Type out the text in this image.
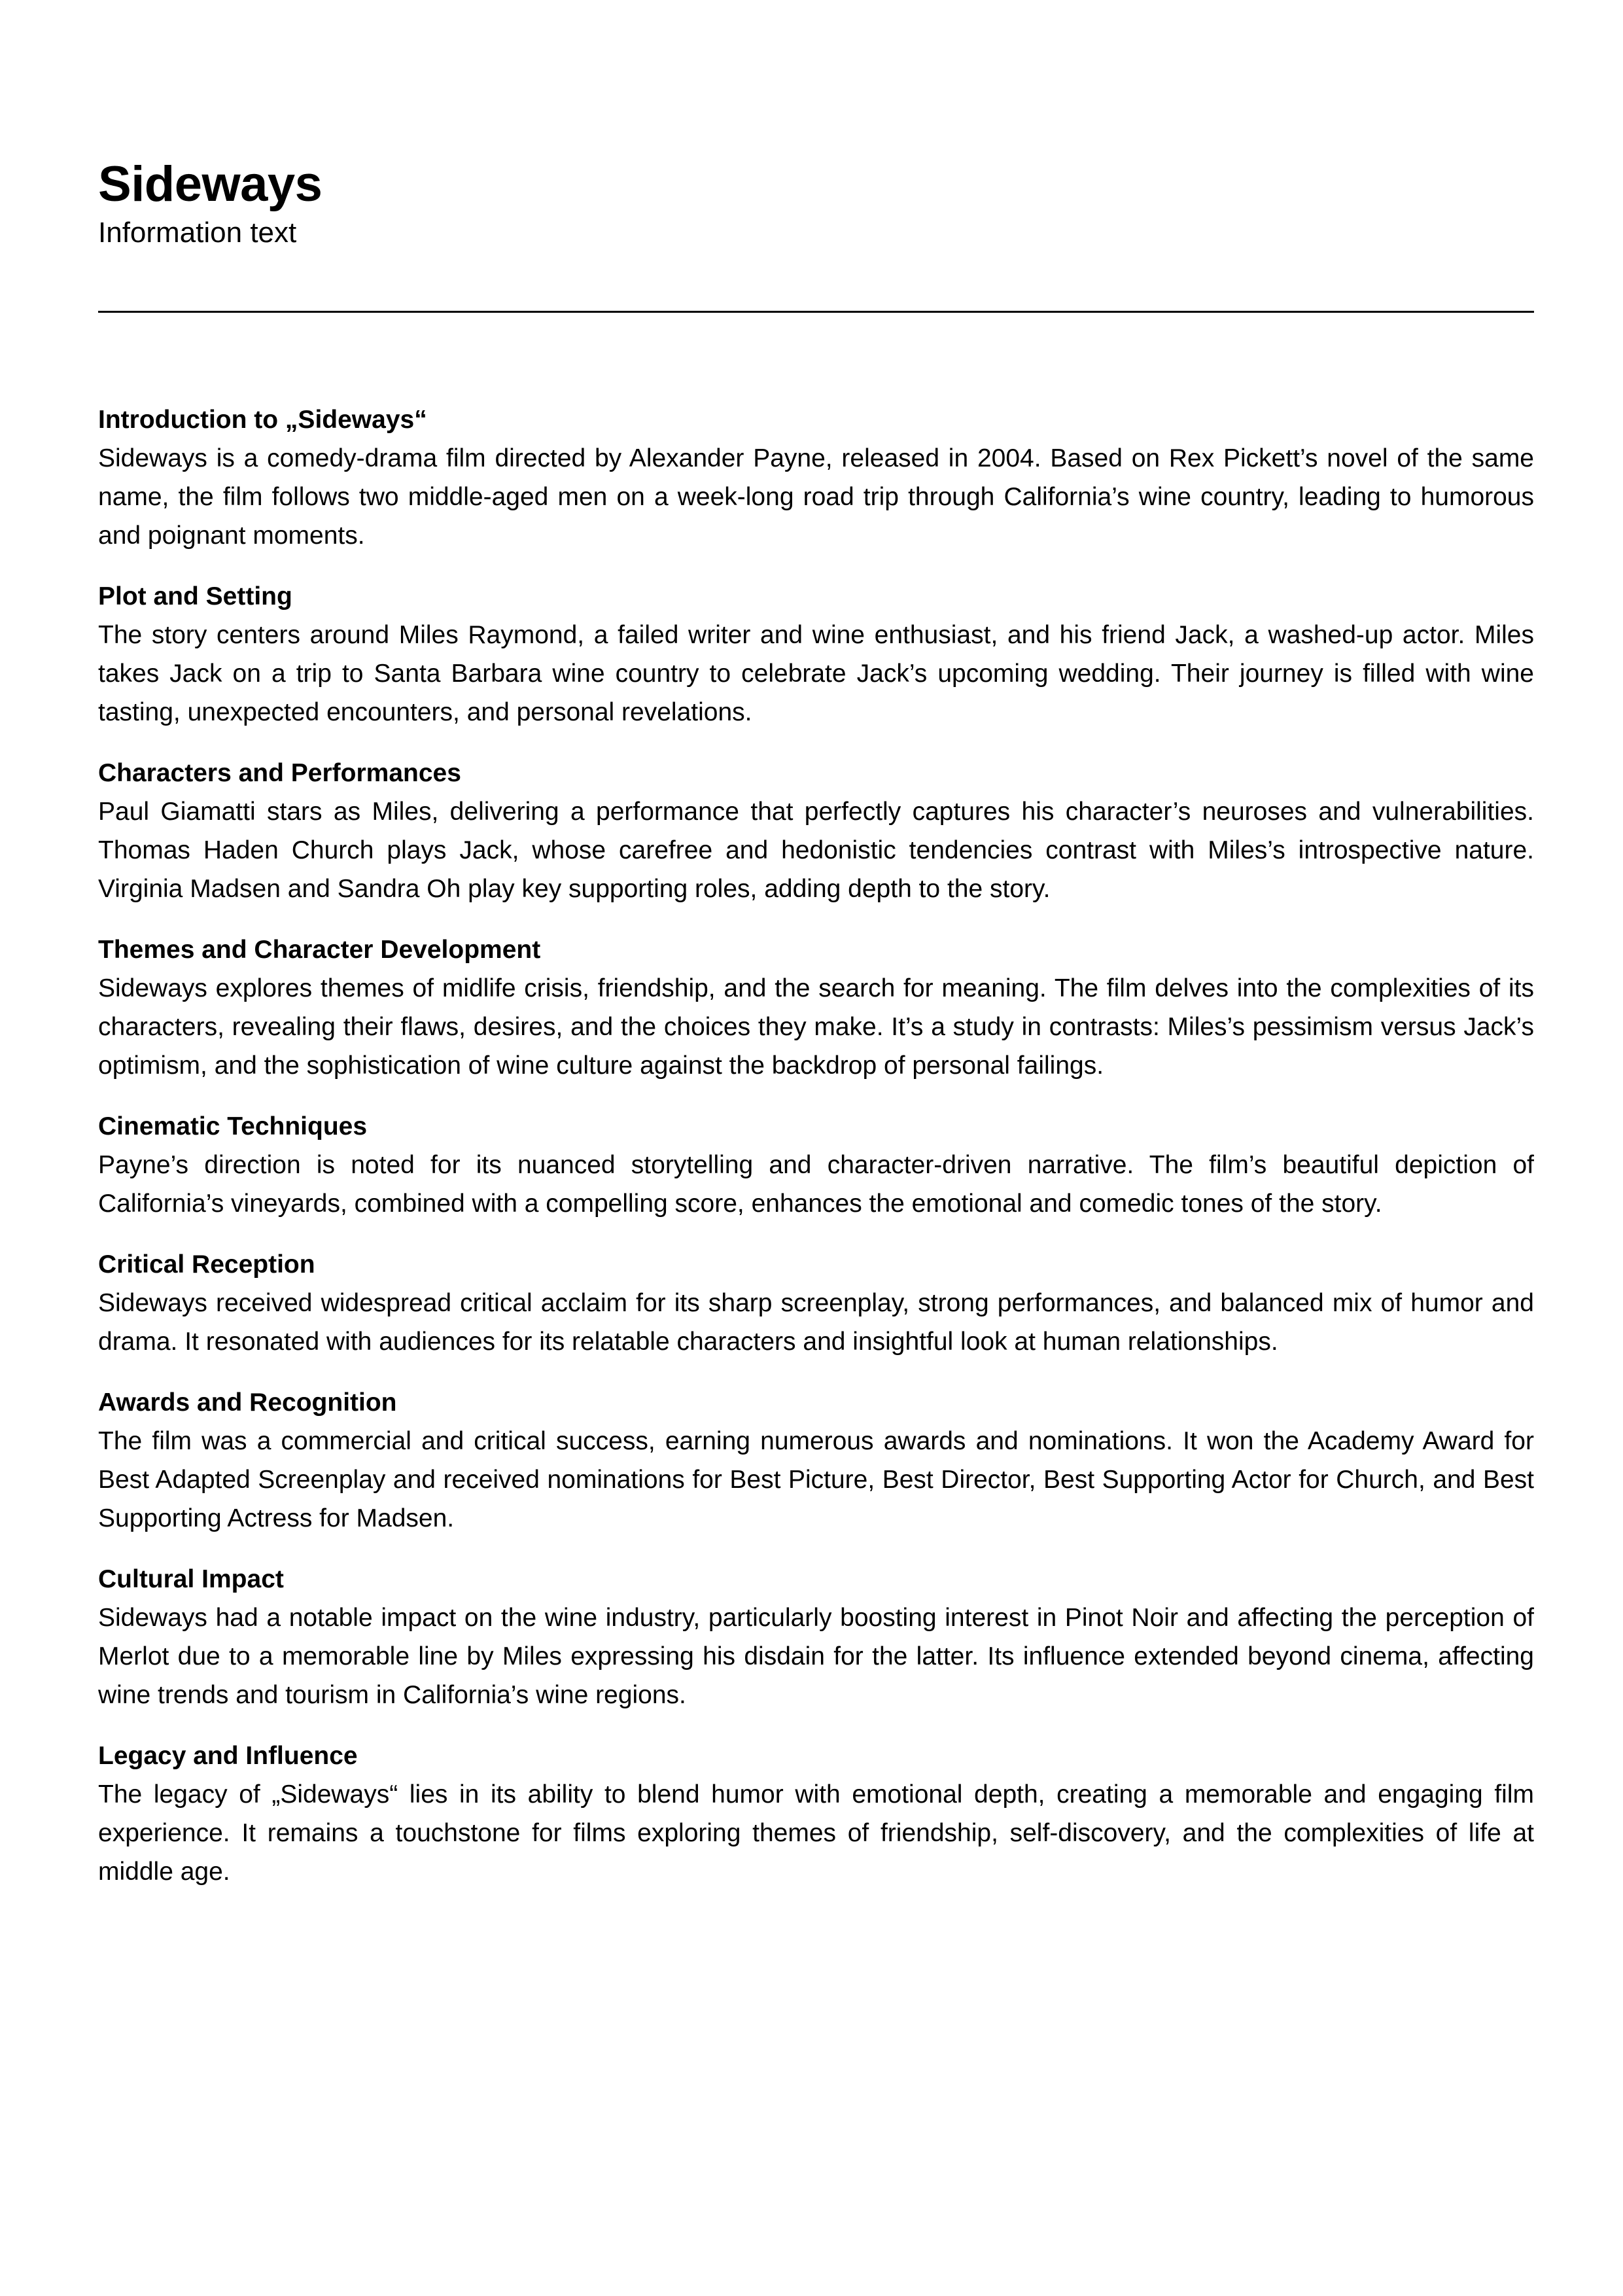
Sideways

Information text

Introduction to „Sideways“

Sideways is a comedy-drama film directed by Alexander Payne, released in 2004. Based on Rex Pickett’s novel of the same name, the film follows two middle-aged men on a week-long road trip through California’s wine country, leading to humorous and poignant moments.

Plot and Setting

The story centers around Miles Raymond, a failed writer and wine enthusiast, and his friend Jack, a washed-up actor. Miles takes Jack on a trip to Santa Barbara wine country to celebrate Jack’s upcoming wedding. Their journey is filled with wine tasting, unexpected encounters, and personal revelations.

Characters and Performances

Paul Giamatti stars as Miles, delivering a performance that perfectly captures his character’s neuroses and vulnerabilities. Thomas Haden Church plays Jack, whose carefree and hedonistic tendencies contrast with Miles’s introspective nature. Virginia Madsen and Sandra Oh play key supporting roles, adding depth to the story.

Themes and Character Development

Sideways explores themes of midlife crisis, friendship, and the search for meaning. The film delves into the complexities of its characters, revealing their flaws, desires, and the choices they make. It’s a study in contrasts: Miles’s pessimism versus Jack’s optimism, and the sophistication of wine culture against the backdrop of personal failings.

Cinematic Techniques

Payne’s direction is noted for its nuanced storytelling and character-driven narrative. The film’s beautiful depiction of California’s vineyards, combined with a compelling score, enhances the emotional and comedic tones of the story.

Critical Reception

Sideways received widespread critical acclaim for its sharp screenplay, strong performances, and balanced mix of humor and drama. It resonated with audiences for its relatable characters and insightful look at human relationships.

Awards and Recognition

The film was a commercial and critical success, earning numerous awards and nominations. It won the Academy Award for Best Adapted Screenplay and received nominations for Best Picture, Best Director, Best Supporting Actor for Church, and Best Supporting Actress for Madsen.

Cultural Impact

Sideways had a notable impact on the wine industry, particularly boosting interest in Pinot Noir and affecting the perception of Merlot due to a memorable line by Miles expressing his disdain for the latter. Its influence extended beyond cinema, affecting wine trends and tourism in California’s wine regions.

Legacy and Influence

The legacy of „Sideways“ lies in its ability to blend humor with emotional depth, creating a memorable and engaging film experience. It remains a touchstone for films exploring themes of friendship, self-discovery, and the complexities of life at middle age.
